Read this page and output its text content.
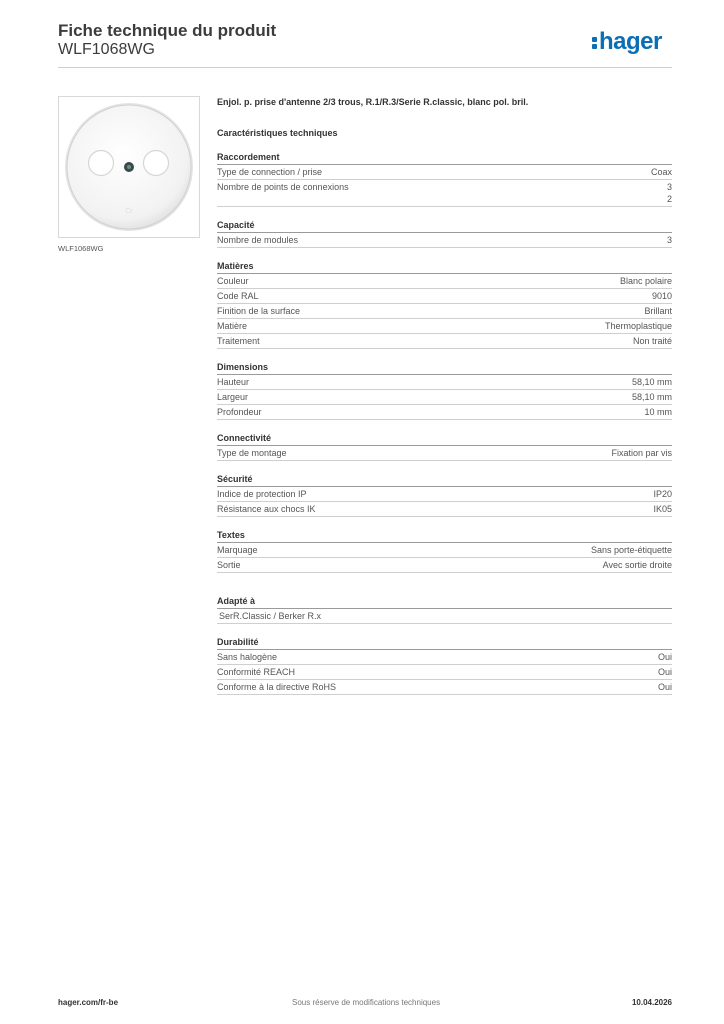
Fiche technique du produit
WLF1068WG	hager
Cr
WLF1068WG
Enjol. p. prise d'antenne 2/3 trous, R.1/R.3/Serie R.classic, blanc pol. bril.
Caractéristiques techniques
Raccordement
Type de connection / prise	Coax
Nombre de points de connexions	3
2
Capacité
Nombre de modules	3
Matières
Couleur	Blanc polaire
Code RAL	9010
Finition de la surface	Brillant
Matière	Thermoplastique
Traitement	Non traité
Dimensions
Hauteur	58,10 mm
Largeur	58,10 mm
Profondeur	10 mm
Connectivité
Type de montage	Fixation par vis
Sécurité
Indice de protection IP	IP20
Résistance aux chocs IK	IK05
Textes
Marquage	Sans porte-étiquette
Sortie	Avec sortie droite
Adapté à
SerR.Classic / Berker R.x
Durabilité
Sans halogène	Oui
Conformité REACH	Oui
Conforme à la directive RoHS	Oui
hager.com/fr-be	Sous réserve de modifications techniques	10.04.2026
